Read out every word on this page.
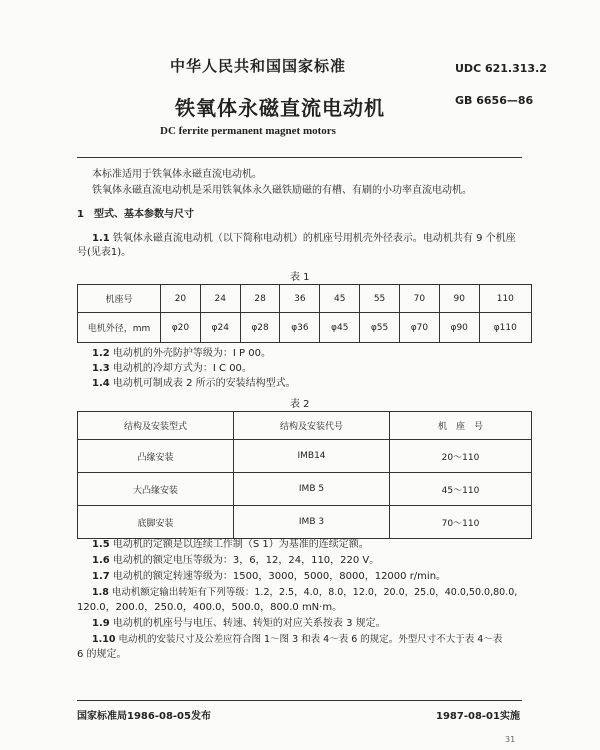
中华人民共和国国家标准	UDC 621.313.2
铁氧体永磁直流电动机	GB 6656—86
DC ferrite permanent magnet motors
本标准适用于铁氧体永磁直流电动机。
铁氧体永磁直流电动机是采用铁氧体永久磁铁励磁的有槽、有刷的小功率直流电动机。
1　型式、基本参数与尺寸
1.1 铁氧体永磁直流电动机（以下简称电动机）的机座号用机壳外径表示。电动机共有 9 个机座
号(见表1)。
表 1
机座号	20	24	28	36	45	55	70	90	110
电机外径，mm	φ20	φ24	φ28	φ36	φ45	φ55	φ70	φ90	φ110
1.2 电动机的外壳防护等级为：I P 00。
1.3 电动机的冷却方式为：I C 00。
1.4 电动机可制成表 2 所示的安装结构型式。
表 2
结构及安装型式	结构及安装代号	机　座　号
凸缘安装	IMB14	20～110
大凸缘安装	IMB 5	45～110
底脚安装	IMB 3	70～110
1.5 电动机的定额是以连续工作制（S 1）为基准的连续定额。
1.6 电动机的额定电压等级为：3，6，12，24，110，220 V。
1.7 电动机的额定转速等级为：1500，3000，5000，8000，12000 r/min。
1.8 电动机额定输出转矩有下列等级：1.2，2.5，4.0，8.0，12.0，20.0，25.0，40.0,50.0,80.0,
120.0，200.0，250.0，400.0，500.0，800.0 mN·m。
1.9 电动机的机座号与电压、转速、转矩的对应关系按表 3 规定。
1.10 电动机的安装尺寸及公差应符合图 1～图 3 和表 4～表 6 的规定。外型尺寸不大于表 4～表
6 的规定。
国家标准局1986-08-05发布	1987-08-01实施
31
